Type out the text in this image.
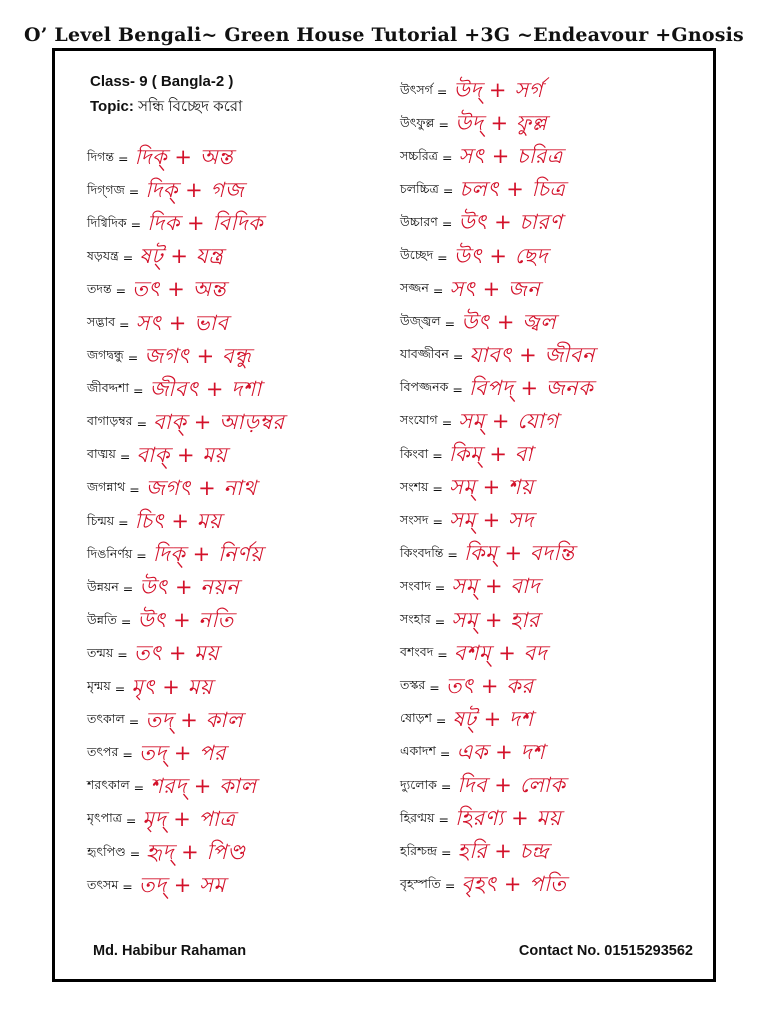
O’ Level Bengali~ Green House Tutorial +3G ~Endeavour +Gnosis
Class- 9 ( Bangla-2 )
Topic: সন্ধি বিচ্ছেদ করো
দিগন্ত = দিক্ + অন্ত
দিগ্‌গজ = দিক্ + গজ
দিগ্বিদিক = দিক + বিদিক
ষড়যন্ত্র = ষট্ + যন্ত্র
তদন্ত = তৎ + অন্ত
সদ্ভাব = সৎ + ভাব
জগদ্বন্ধু = জগৎ + বন্ধু
জীবদ্দশা = জীবৎ + দশা
বাগাড়ম্বর = বাক্ + আড়ম্বর
বাঙ্ময় = বাক্ + ময়
জগন্নাথ = জগৎ + নাথ
চিন্ময় = চিৎ + ময়
দিঙনির্ণয় = দিক্ + নির্ণয়
উন্নয়ন = উৎ + নয়ন
উন্নতি = উৎ + নতি
তন্ময় = তৎ + ময়
মৃন্ময় = মৃৎ + ময়
তৎকাল = তদ্ + কাল
তৎপর = তদ্ + পর
শরৎকাল = শরদ্ + কাল
মৃৎপাত্র = মৃদ্ + পাত্র
হৃৎপিণ্ড = হৃদ্ + পিণ্ড
তৎসম = তদ্ + সম
উৎসর্গ = উদ্ + সর্গ
উৎফুল্ল = উদ্ + ফুল্ল
সচ্চরিত্র = সৎ + চরিত্র
চলচ্চিত্র = চলৎ + চিত্র
উচ্চারণ = উৎ + চারণ
উচ্ছেদ = উৎ + ছেদ
সজ্জন = সৎ + জন
উজ্জ্বল = উৎ + জ্বল
যাবজ্জীবন = যাবৎ + জীবন
বিপজ্জনক = বিপদ্ + জনক
সংযোগ = সম্ + যোগ
কিংবা = কিম্ + বা
সংশয় = সম্ + শয়
সংসদ = সম্ + সদ
কিংবদন্তি = কিম্ + বদন্তি
সংবাদ = সম্ + বাদ
সংহার = সম্ + হার
বশংবদ = বশম্ + বদ
তস্কর = তৎ + কর
ষোড়শ = ষট্ + দশ
একাদশ = এক + দশ
দ্যুলোক = দিব + লোক
হিরণ্ময় = হিরণ্য + ময়
হরিশ্চন্দ্র = হরি + চন্দ্র
বৃহস্পতি = বৃহৎ + পতি
Md. Habibur Rahaman	Contact No. 01515293562
